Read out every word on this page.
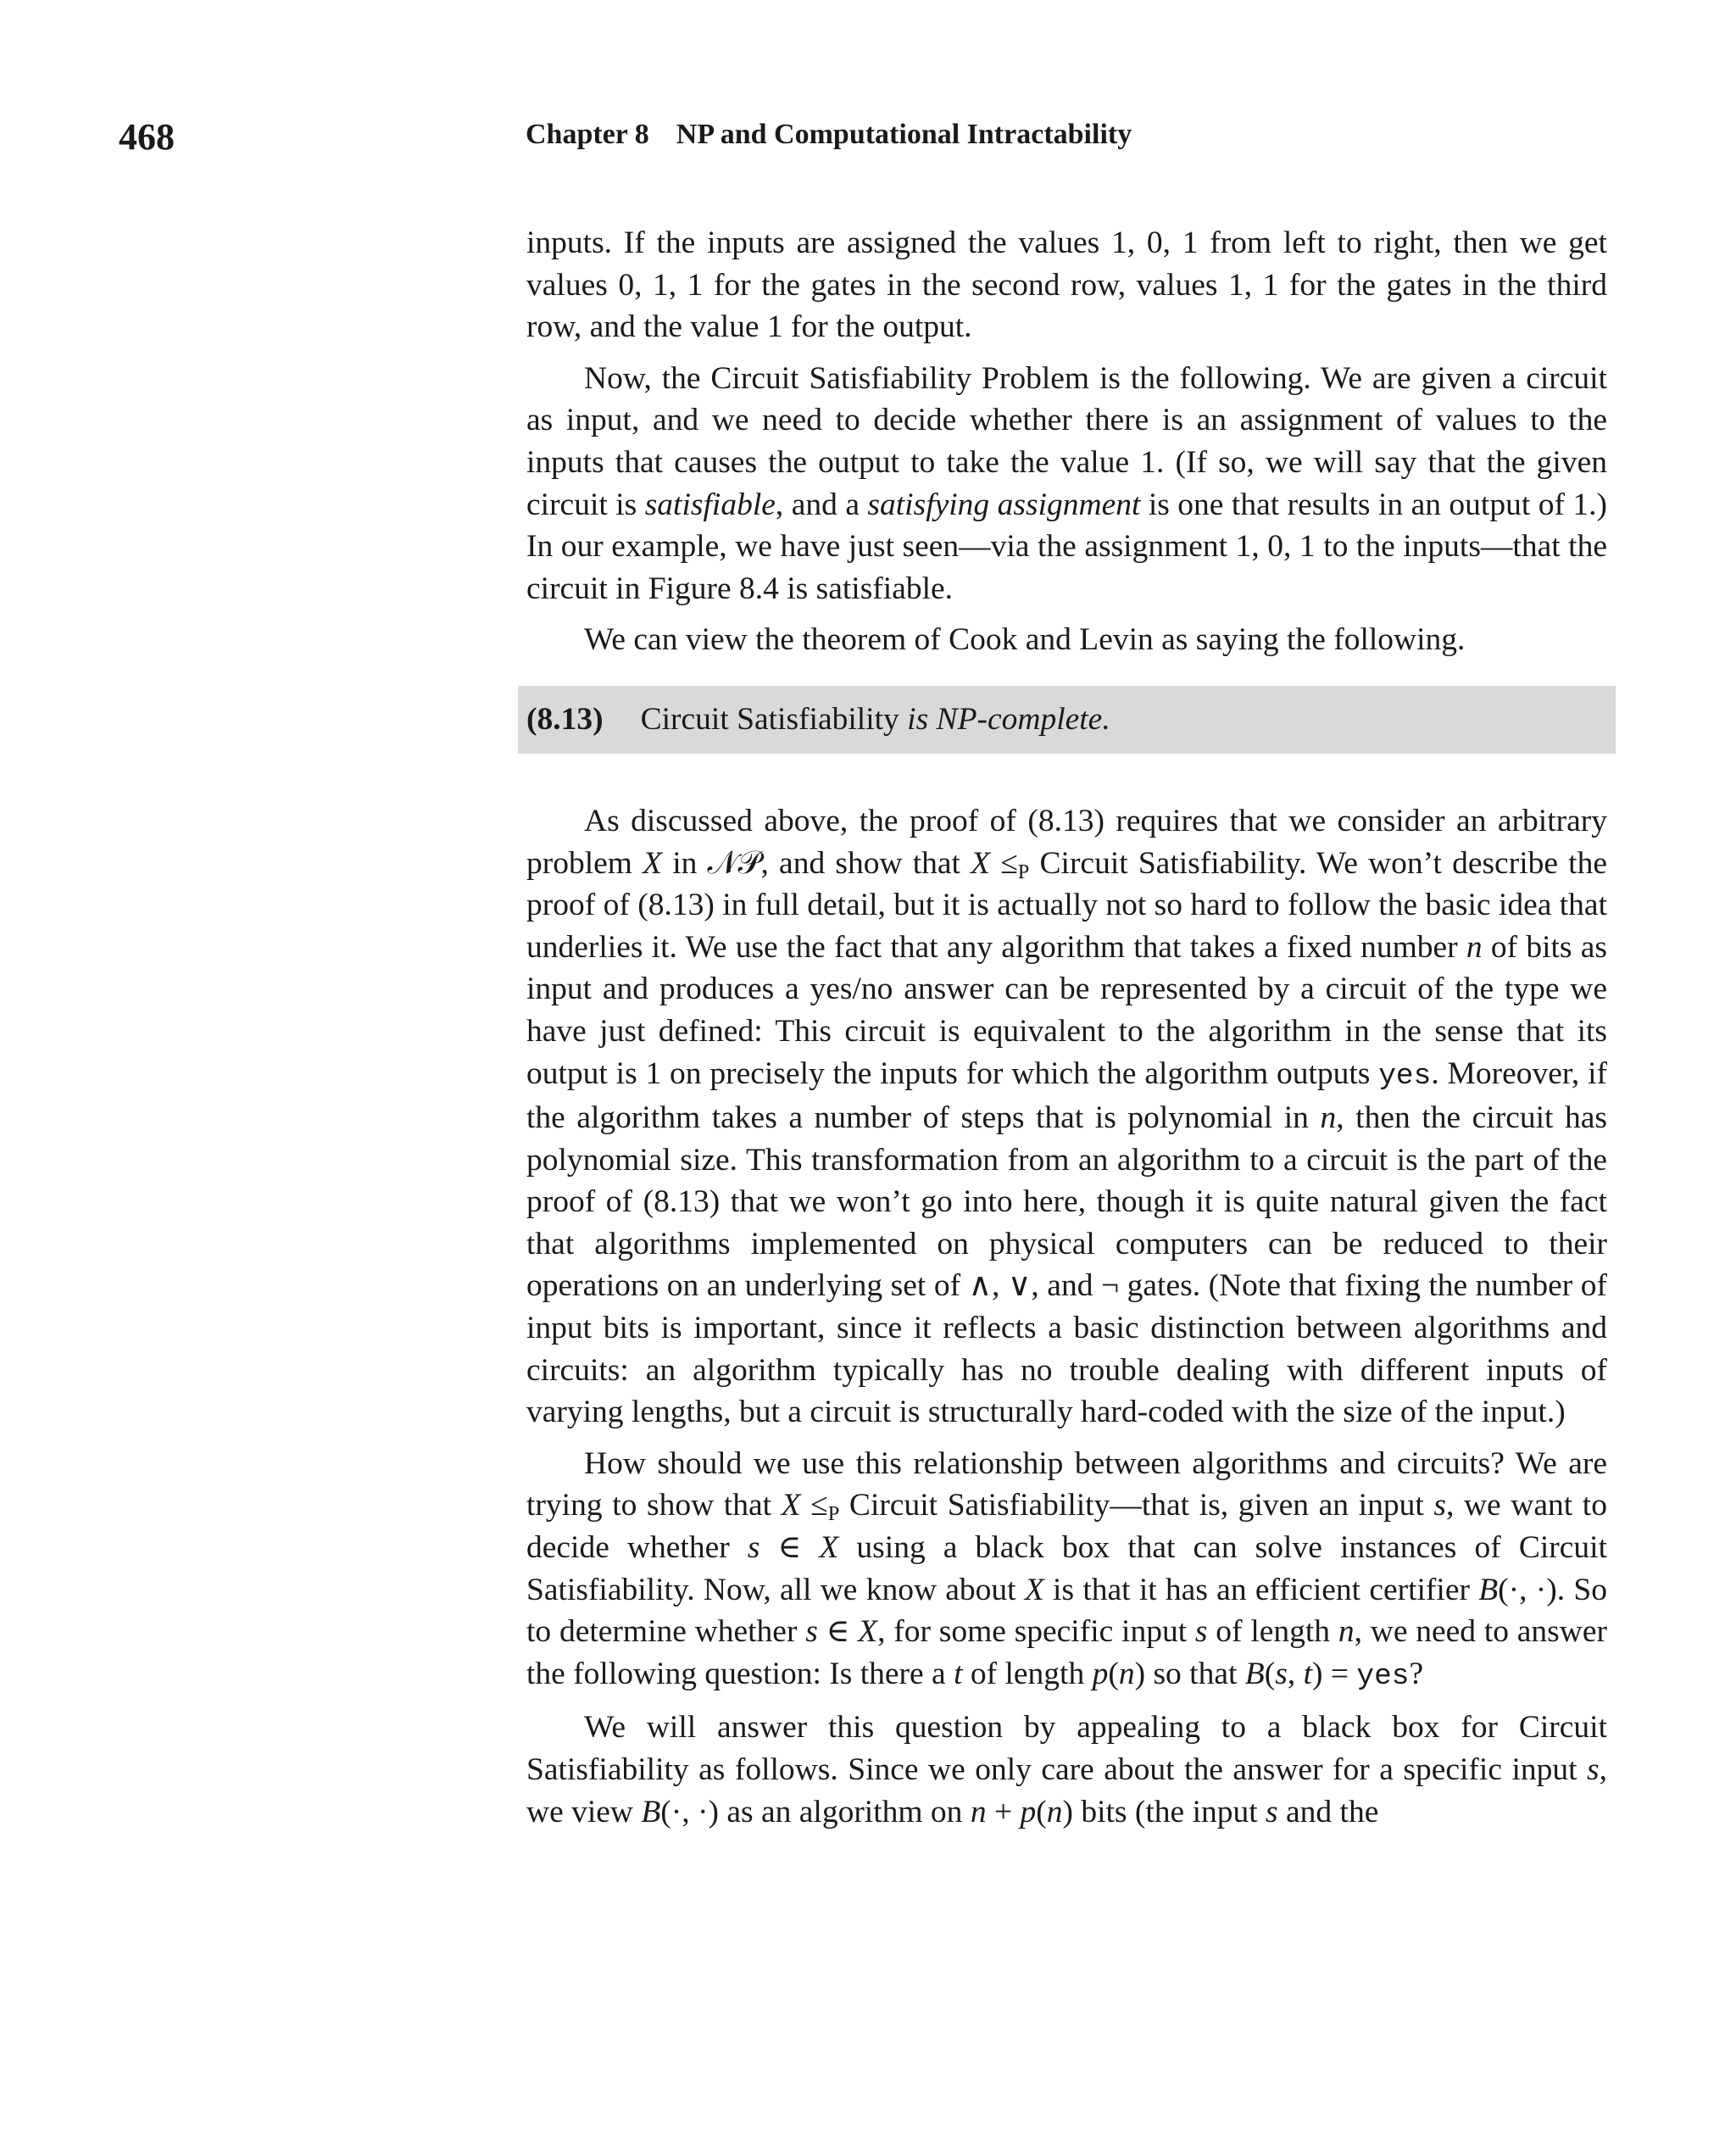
468	Chapter 8 NP and Computational Intractability

inputs. If the inputs are assigned the values 1, 0, 1 from left to right, then we get values 0, 1, 1 for the gates in the second row, values 1, 1 for the gates in the third row, and the value 1 for the output.

Now, the Circuit Satisfiability Problem is the following. We are given a circuit as input, and we need to decide whether there is an assignment of values to the inputs that causes the output to take the value 1. (If so, we will say that the given circuit is satisfiable, and a satisfying assignment is one that results in an output of 1.) In our example, we have just seen—via the assignment 1, 0, 1 to the inputs—that the circuit in Figure 8.4 is satisfiable.

We can view the theorem of Cook and Levin as saying the following.

(8.13) Circuit Satisfiability is NP-complete.

As discussed above, the proof of (8.13) requires that we consider an arbitrary problem X in 𝒩𝒫, and show that $X \le_P$ Circuit Satisfiability. We won’t describe the proof of (8.13) in full detail, but it is actually not so hard to follow the basic idea that underlies it. We use the fact that any algorithm that takes a fixed number n of bits as input and produces a yes/no answer can be represented by a circuit of the type we have just defined: This circuit is equivalent to the algorithm in the sense that its output is 1 on precisely the inputs for which the algorithm outputs yes. Moreover, if the algorithm takes a number of steps that is polynomial in n, then the circuit has polynomial size. This transformation from an algorithm to a circuit is the part of the proof of (8.13) that we won’t go into here, though it is quite natural given the fact that algorithms implemented on physical computers can be reduced to their operations on an underlying set of ∧, ∨, and ¬ gates. (Note that fixing the number of input bits is important, since it reflects a basic distinction between algorithms and circuits: an algorithm typically has no trouble dealing with different inputs of varying lengths, but a circuit is structurally hard-coded with the size of the input.)

How should we use this relationship between algorithms and circuits? We are trying to show that $X \le_P$ Circuit Satisfiability—that is, given an input s, we want to decide whether s ∈ X using a black box that can solve instances of Circuit Satisfiability. Now, all we know about X is that it has an efficient certifier B(·, ·). So to determine whether s ∈ X, for some specific input s of length n, we need to answer the following question: Is there a t of length p(n) so that B(s, t) = yes?

We will answer this question by appealing to a black box for Circuit Satisfiability as follows. Since we only care about the answer for a specific input s, we view B(·, ·) as an algorithm on n + p(n) bits (the input s and the
